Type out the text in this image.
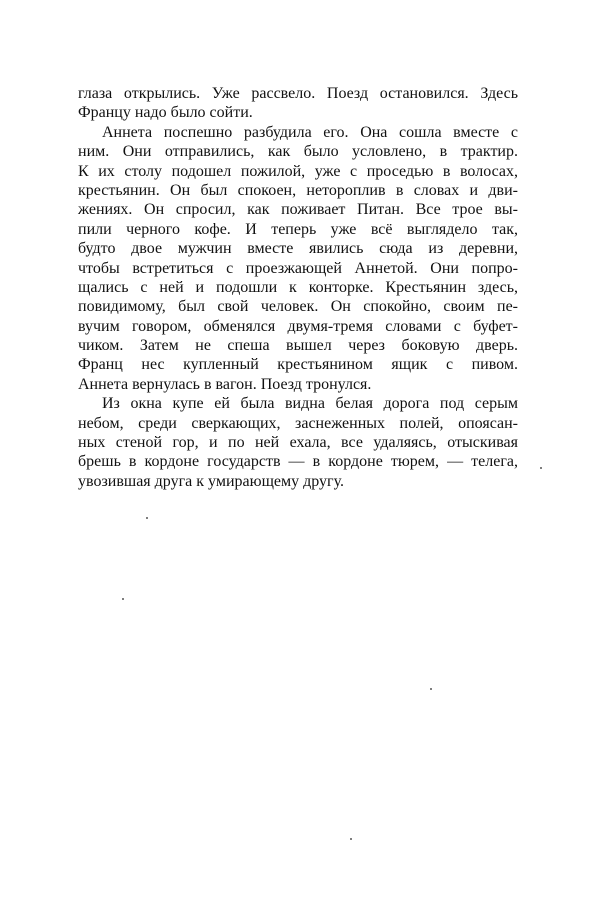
глаза открылись. Уже рассвело. Поезд остановился. Здесь
Францу надо было сойти.
Аннета поспешно разбудила его. Она сошла вместе с
ним. Они отправились, как было условлено, в трактир.
К их столу подошел пожилой, уже с проседью в волосах,
крестьянин. Он был спокоен, нетороплив в словах и дви-
жениях. Он спросил, как поживает Питан. Все трое вы-
пили черного кофе. И теперь уже всё выглядело так,
будто двое мужчин вместе явились сюда из деревни,
чтобы встретиться с проезжающей Аннетой. Они попро-
щались с ней и подошли к конторке. Крестьянин здесь,
повидимому, был свой человек. Он спокойно, своим пе-
вучим говором, обменялся двумя-тремя словами с буфет-
чиком. Затем не спеша вышел через боковую дверь.
Франц нес купленный крестьянином ящик с пивом.
Аннета вернулась в вагон. Поезд тронулся.
Из окна купе ей была видна белая дорога под серым
небом, среди сверкающих, заснеженных полей, опоясан-
ных стеной гор, и по ней ехала, все удаляясь, отыскивая
брешь в кордоне государств — в кордоне тюрем, — телега,
увозившая друга к умирающему другу.
